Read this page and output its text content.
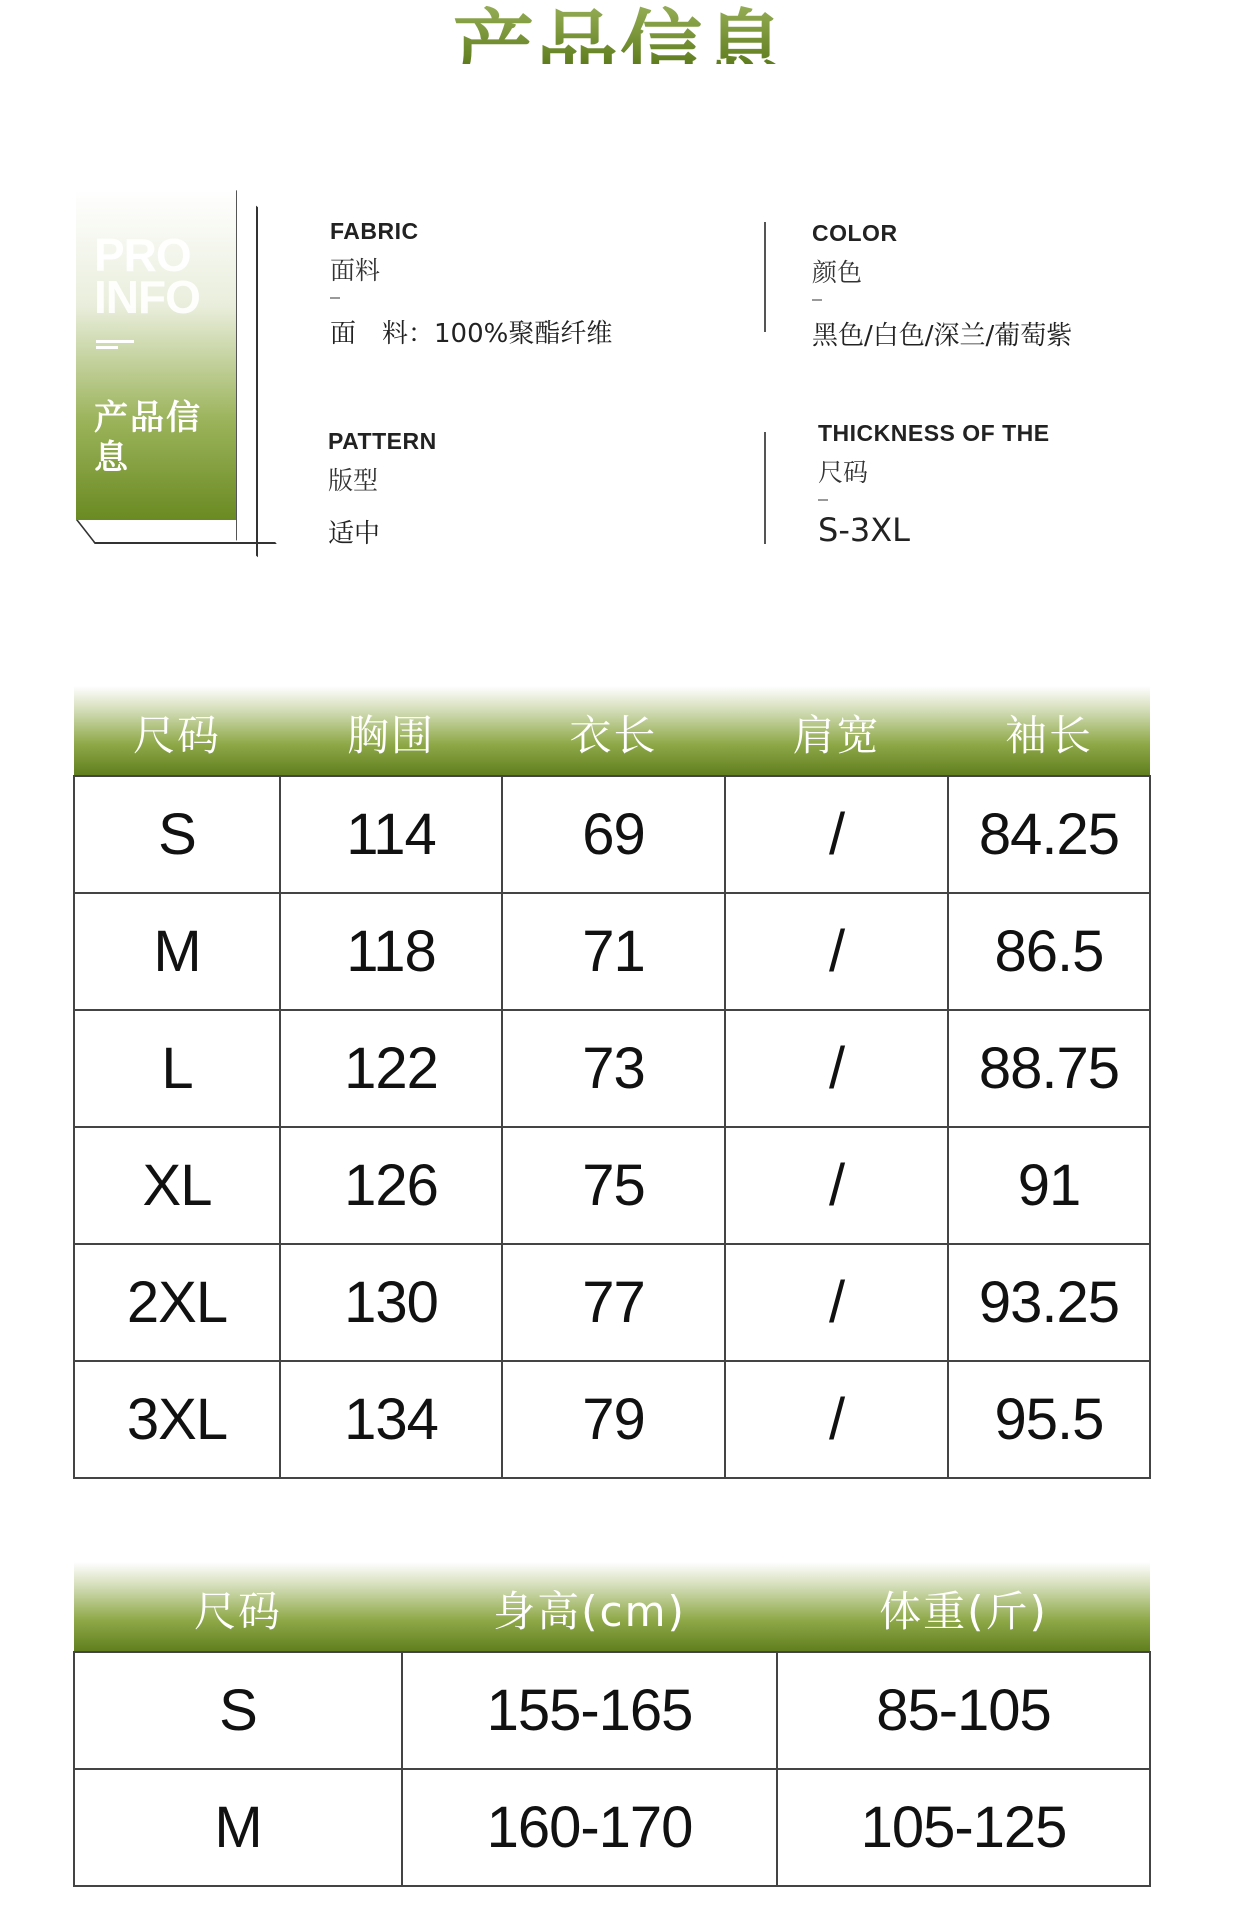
产品信息
PRO INFO
产品信息
FABRIC
面料
面　料：100%聚酯纤维
COLOR
颜色
黑色/白色/深兰/葡萄紫
PATTERN
版型
适中
THICKNESS OF THE
尺码
S-3XL
尺码	胸围	衣长	肩宽	袖长
S	114	69	/	84.25
M	118	71	/	86.5
L	122	73	/	88.75
XL	126	75	/	91
2XL	130	77	/	93.25
3XL	134	79	/	95.5
尺码	身高(cm)	体重(斤)
S	155-165	85-105
M	160-170	105-125
